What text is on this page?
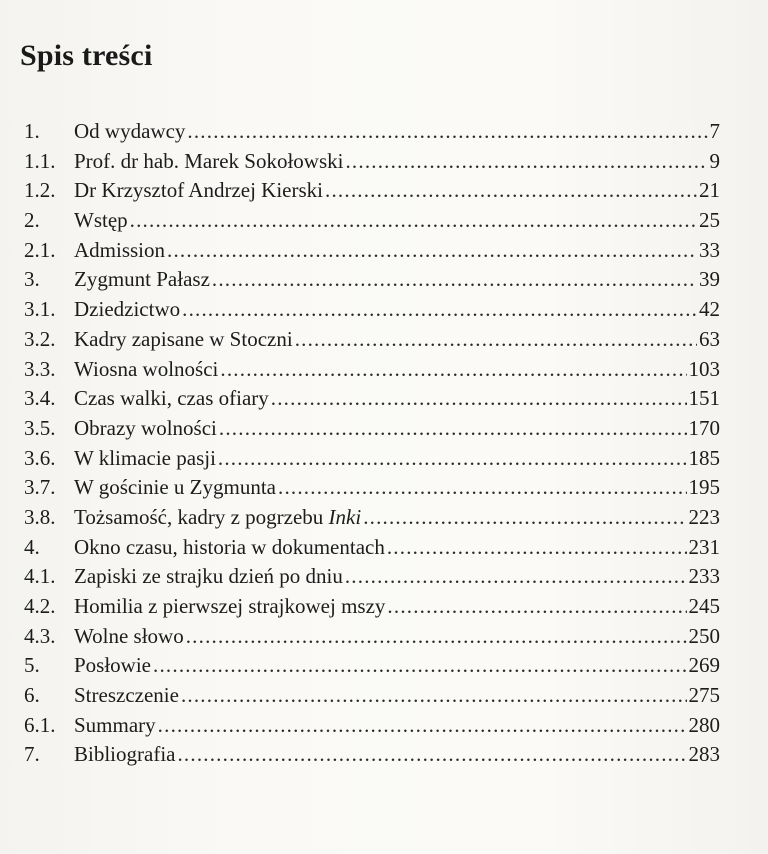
Spis treści
1.	Od wydawcy .....	7
1.1. Prof. dr hab. Marek Sokołowski .....	9
1.2. Dr Krzysztof Andrzej Kierski .....	21
2.	Wstęp .....	25
2.1. Admission .....	33
3.	Zygmunt Pałasz .....	39
3.1. Dziedzictwo .....	42
3.2. Kadry zapisane w Stoczni .....	63
3.3. Wiosna wolności .....	103
3.4. Czas walki, czas ofiary .....	151
3.5. Obrazy wolności .....	170
3.6. W klimacie pasji .....	185
3.7. W gościnie u Zygmunta .....	195
3.8. Tożsamość, kadry z pogrzebu Inki .....	223
4.	Okno czasu, historia w dokumentach .....	231
4.1. Zapiski ze strajku dzień po dniu .....	233
4.2. Homilia z pierwszej strajkowej mszy .....	245
4.3. Wolne słowo .....	250
5.	Posłowie .....	269
6.	Streszczenie .....	275
6.1. Summary .....	280
7.	Bibliografia .....	283
